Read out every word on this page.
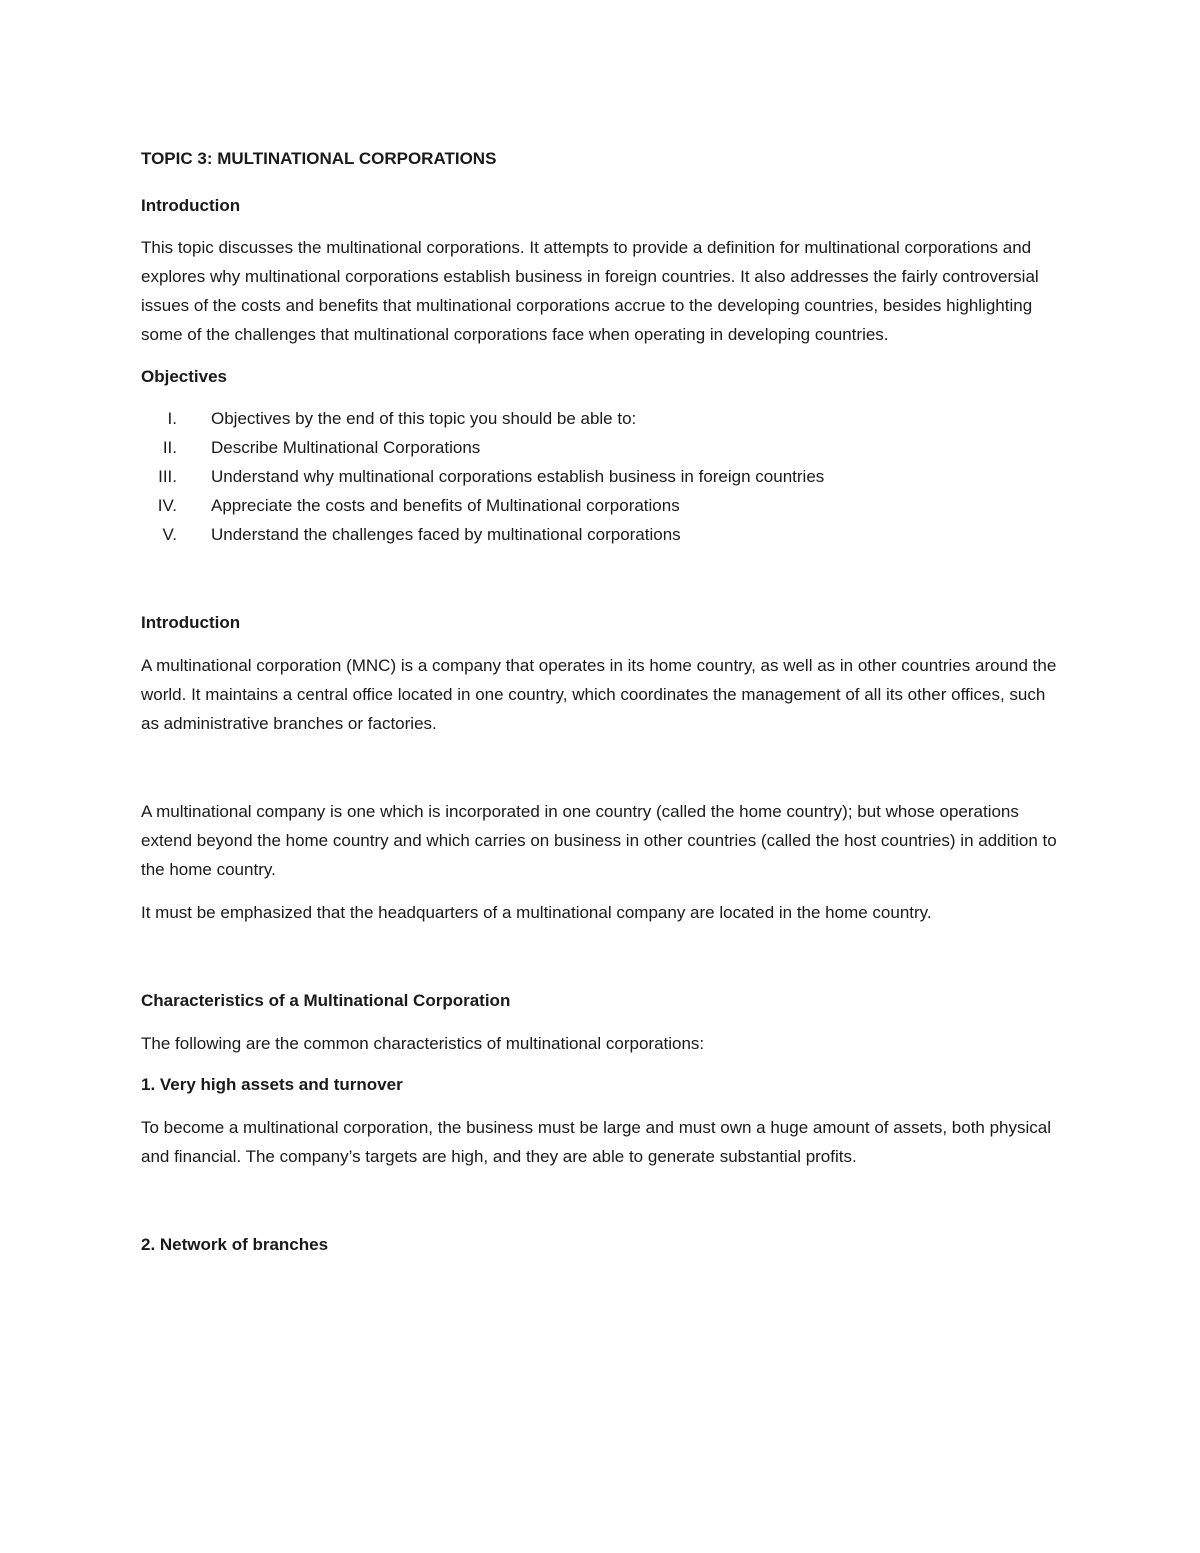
TOPIC 3: MULTINATIONAL CORPORATIONS

Introduction

This topic discusses the multinational corporations. It attempts to provide a definition for multinational corporations and explores why multinational corporations establish business in foreign countries. It also addresses the fairly controversial issues of the costs and benefits that multinational corporations accrue to the developing countries, besides highlighting some of the challenges that multinational corporations face when operating in developing countries.

Objectives

I. Objectives by the end of this topic you should be able to:
II. Describe Multinational Corporations
III. Understand why multinational corporations establish business in foreign countries
IV. Appreciate the costs and benefits of Multinational corporations
V. Understand the challenges faced by multinational corporations

Introduction

A multinational corporation (MNC) is a company that operates in its home country, as well as in other countries around the world. It maintains a central office located in one country, which coordinates the management of all its other offices, such as administrative branches or factories.

A multinational company is one which is incorporated in one country (called the home country); but whose operations extend beyond the home country and which carries on business in other countries (called the host countries) in addition to the home country.

It must be emphasized that the headquarters of a multinational company are located in the home country.

Characteristics of a Multinational Corporation

The following are the common characteristics of multinational corporations:

1. Very high assets and turnover

To become a multinational corporation, the business must be large and must own a huge amount of assets, both physical and financial. The company’s targets are high, and they are able to generate substantial profits.

2. Network of branches
